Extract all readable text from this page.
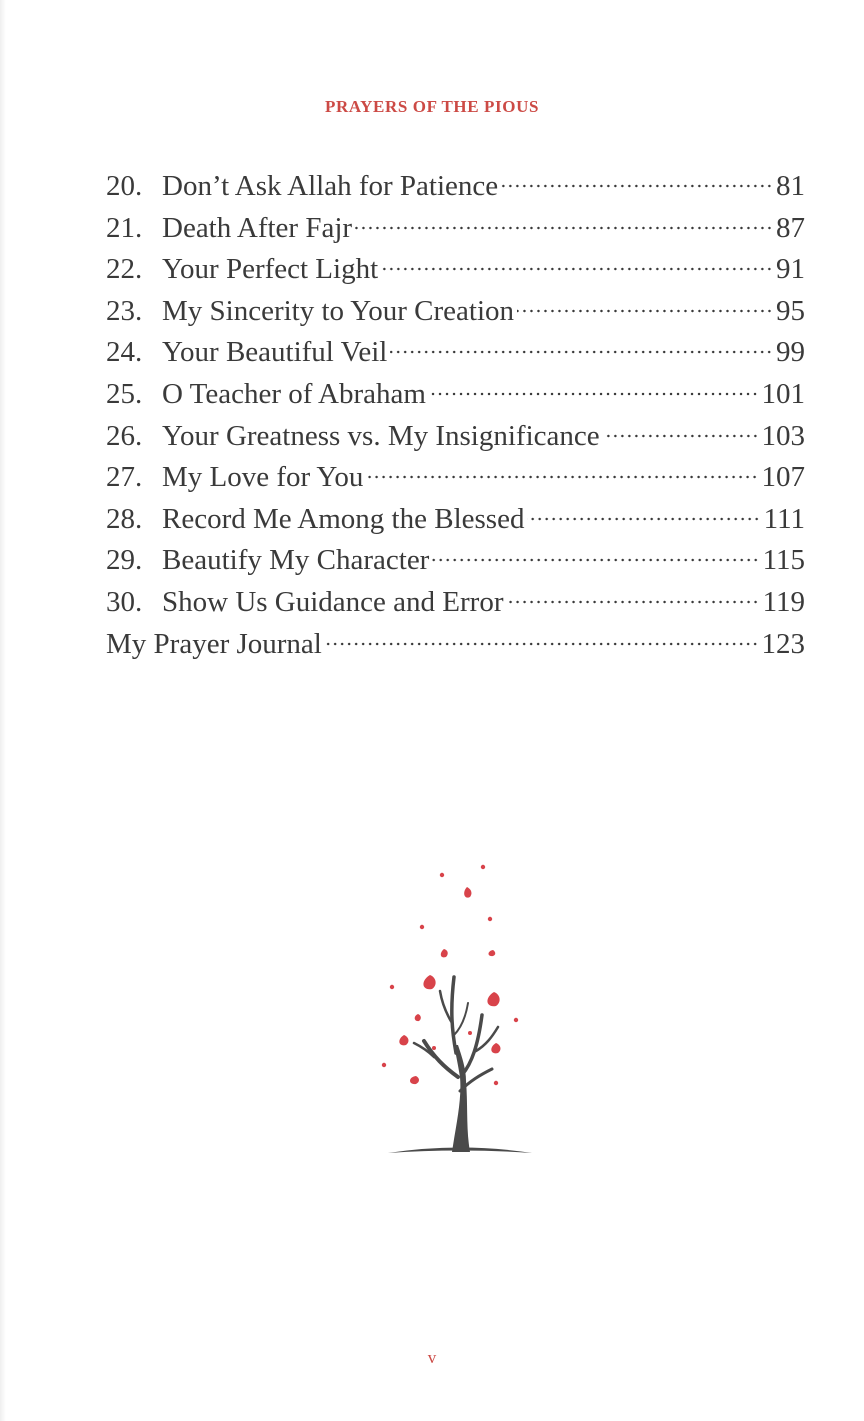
PRAYERS OF THE PIOUS
20. Don’t Ask Allah for Patience	81
21. Death After Fajr	87
22. Your Perfect Light	91
23. My Sincerity to Your Creation	95
24. Your Beautiful Veil	99
25. O Teacher of Abraham	101
26. Your Greatness vs. My Insignificance	103
27. My Love for You	107
28. Record Me Among the Blessed	111
29. Beautify My Character	115
30. Show Us Guidance and Error	119
My Prayer Journal	123
v
